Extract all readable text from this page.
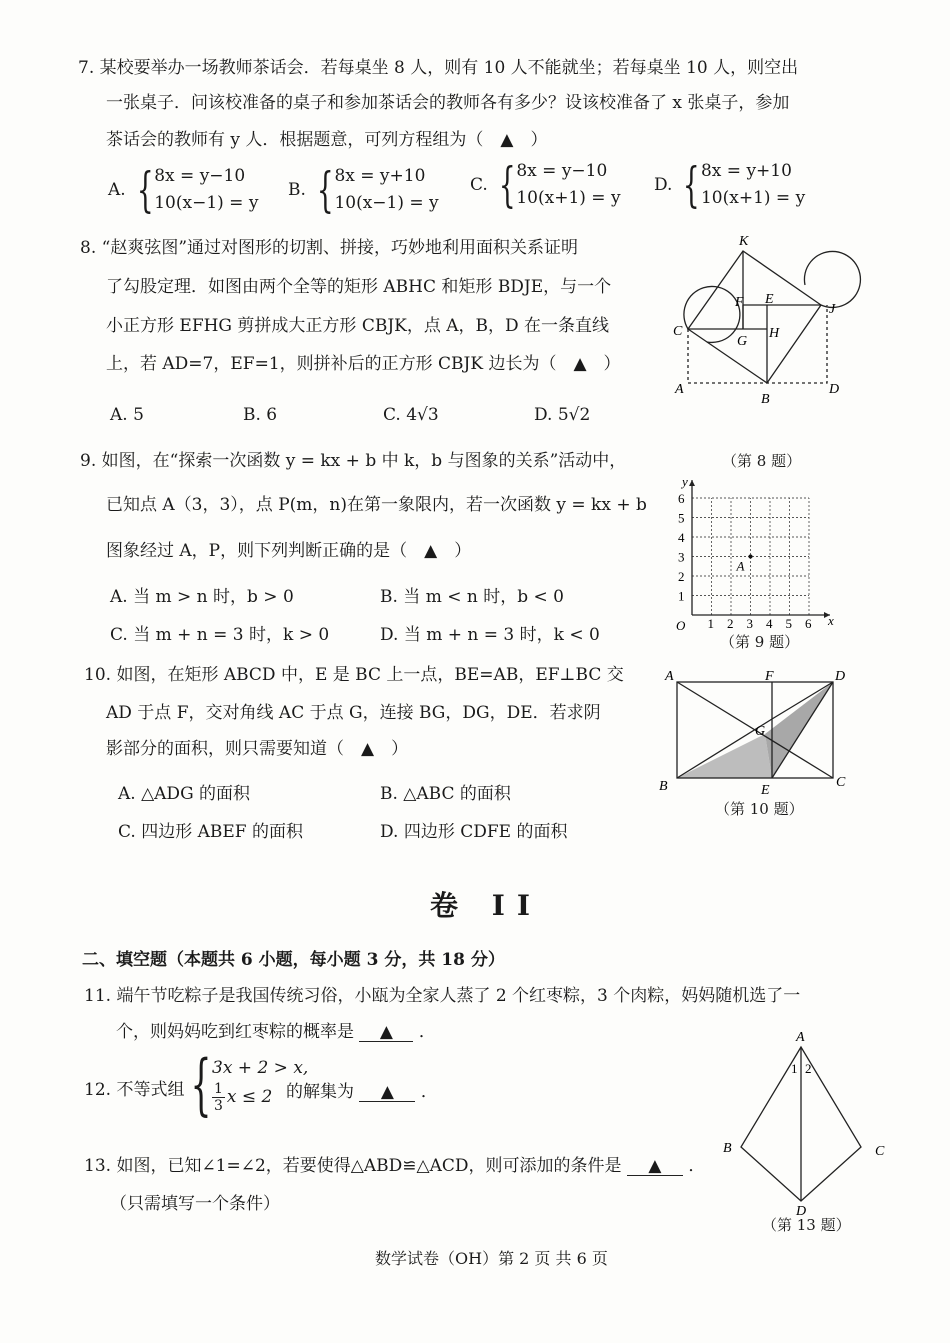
7. 某校要举办一场教师茶话会．若每桌坐 8 人，则有 10 人不能就坐；若每桌坐 10 人，则空出
一张桌子．问该校准备的桌子和参加茶话会的教师各有多少？设该校准备了 x 张桌子，参加
茶话会的教师有 y 人．根据题意，可列方程组为（　▲　）
A. { 8x = y−10
10(x−1) = y
B. { 8x = y+10
10(x−1) = y
C. { 8x = y−10
10(x+1) = y
D. { 8x = y+10
10(x+1) = y
8. “赵爽弦图”通过对图形的切割、拼接，巧妙地利用面积关系证明
了勾股定理．如图由两个全等的矩形 ABHC 和矩形 BDJE，与一个
小正方形 EFHG 剪拼成大正方形 CBJK，点 A，B，D 在一条直线
上，若 AD=7，EF=1，则拼补后的正方形 CBJK 边长为（　▲　）
A. 5	B. 6	C. 4√3	D. 5√2
K
F E
J
C
G
H
A
B
D
（第 8 题）
9. 如图，在“探索一次函数 y = kx + b 中 k，b 与图象的关系”活动中，
已知点 A（3，3），点 P(m，n)在第一象限内，若一次函数 y = kx + b
图象经过 A，P，则下列判断正确的是（　▲　）
A. 当 m > n 时，b > 0	B. 当 m < n 时，b < 0
C. 当 m + n = 3 时，k > 0	D. 当 m + n = 3 时，k < 0
y
x
O 1
1
2
2
3
3
4
4
5
5
6
6
A
（第 9 题）
10. 如图，在矩形 ABCD 中，E 是 BC 上一点，BE=AB，EF⊥BC 交
AD 于点 F，交对角线 AC 于点 G，连接 BG，DG，DE．若求阴
影部分的面积，则只需要知道（　▲　）
A. △ADG 的面积	B. △ABC 的面积
C. 四边形 ABEF 的面积	D. 四边形 CDFE 的面积
A	F	D
G
B	E
C
（第 10 题）
卷 II
二、填空题（本题共 6 小题，每小题 3 分，共 18 分）
11. 端午节吃粽子是我国传统习俗，小瓯为全家人蒸了 2 个红枣粽，3 个肉粽，妈妈随机选了一
个，则妈妈吃到红枣粽的概率是 ▲ ．
12. 不等式组 { 3x + 2 > x,
$\frac{1}{3}$ x ≤ 2 的解集为 ▲ ．
13. 如图，已知∠1=∠2，若要使得△ABD≌△ACD，则可添加的条件是 ▲ ．
（只需填写一个条件）
A
B	C
D
1 2
（第 13 题）
数学试卷（OH）第 2 页 共 6 页
